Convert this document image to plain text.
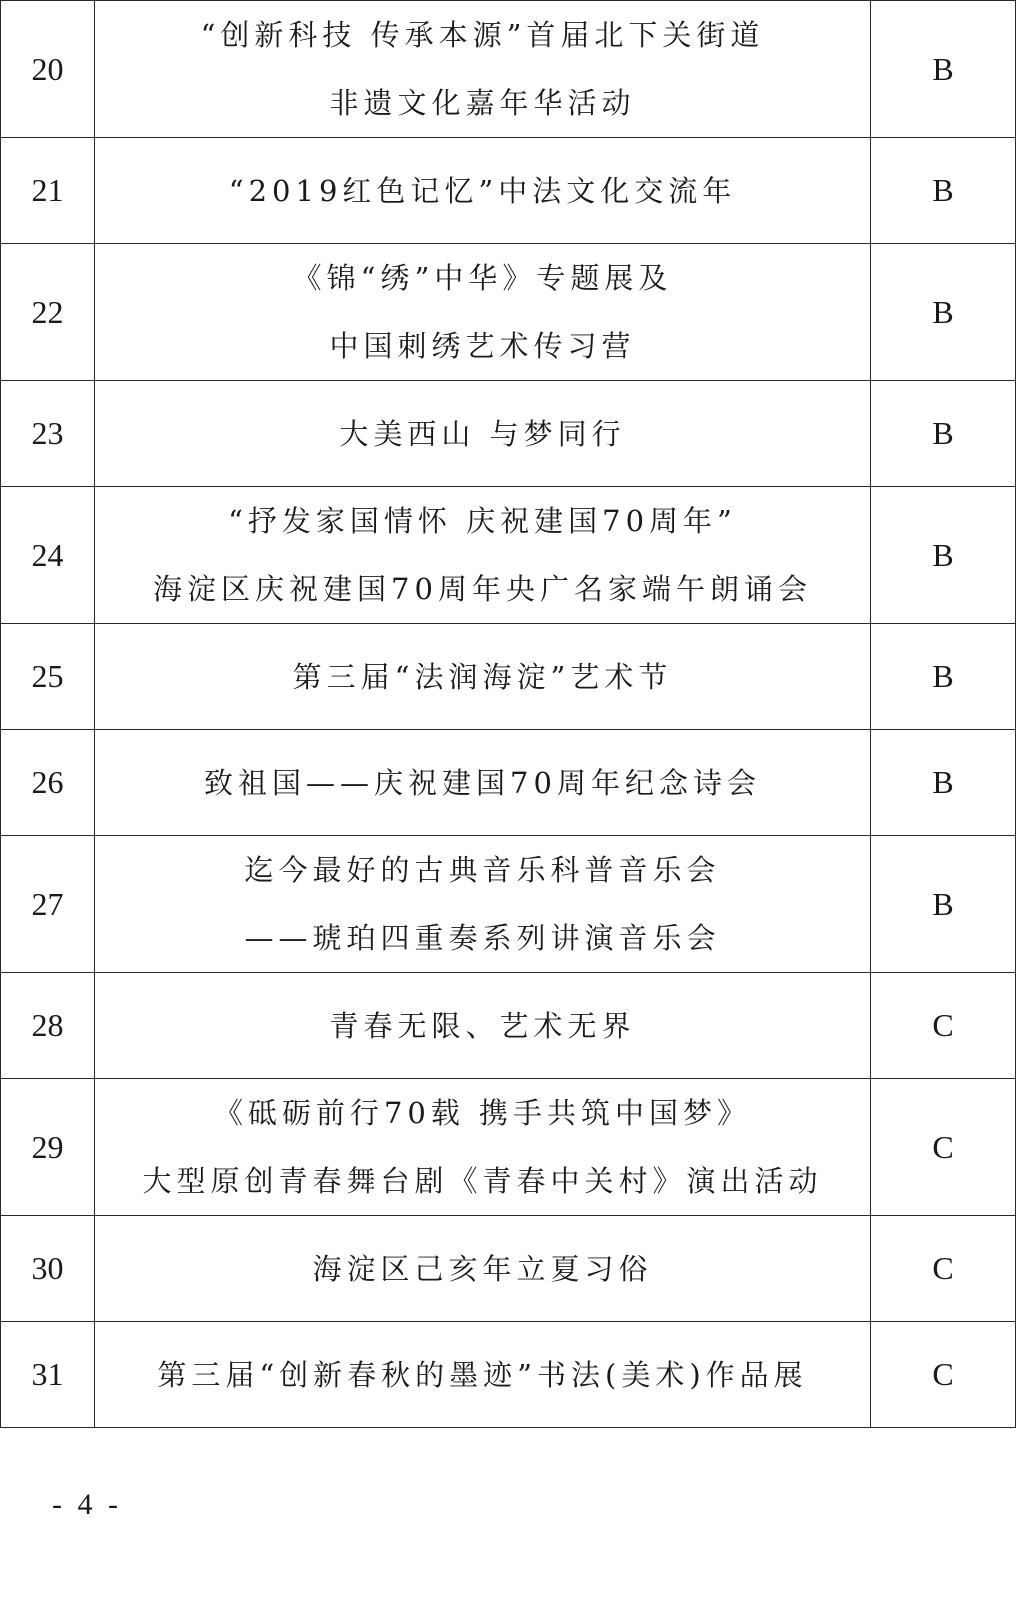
20	“创新科技 传承本源”首届北下关街道
非遗文化嘉年华活动	B
21	“2019红色记忆”中法文化交流年	B
22	《锦“绣”中华》专题展及
中国刺绣艺术传习营	B
23	大美西山 与梦同行	B
24	“抒发家国情怀 庆祝建国70周年”
海淀区庆祝建国70周年央广名家端午朗诵会	B
25	第三届“法润海淀”艺术节	B
26	致祖国——庆祝建国70周年纪念诗会	B
27	迄今最好的古典音乐科普音乐会
——琥珀四重奏系列讲演音乐会	B
28	青春无限、艺术无界	C
29	《砥砺前行70载 携手共筑中国梦》
大型原创青春舞台剧《青春中关村》演出活动	C
30	海淀区己亥年立夏习俗	C
31	第三届“创新春秋的墨迹”书法(美术)作品展	C
- 4 -
